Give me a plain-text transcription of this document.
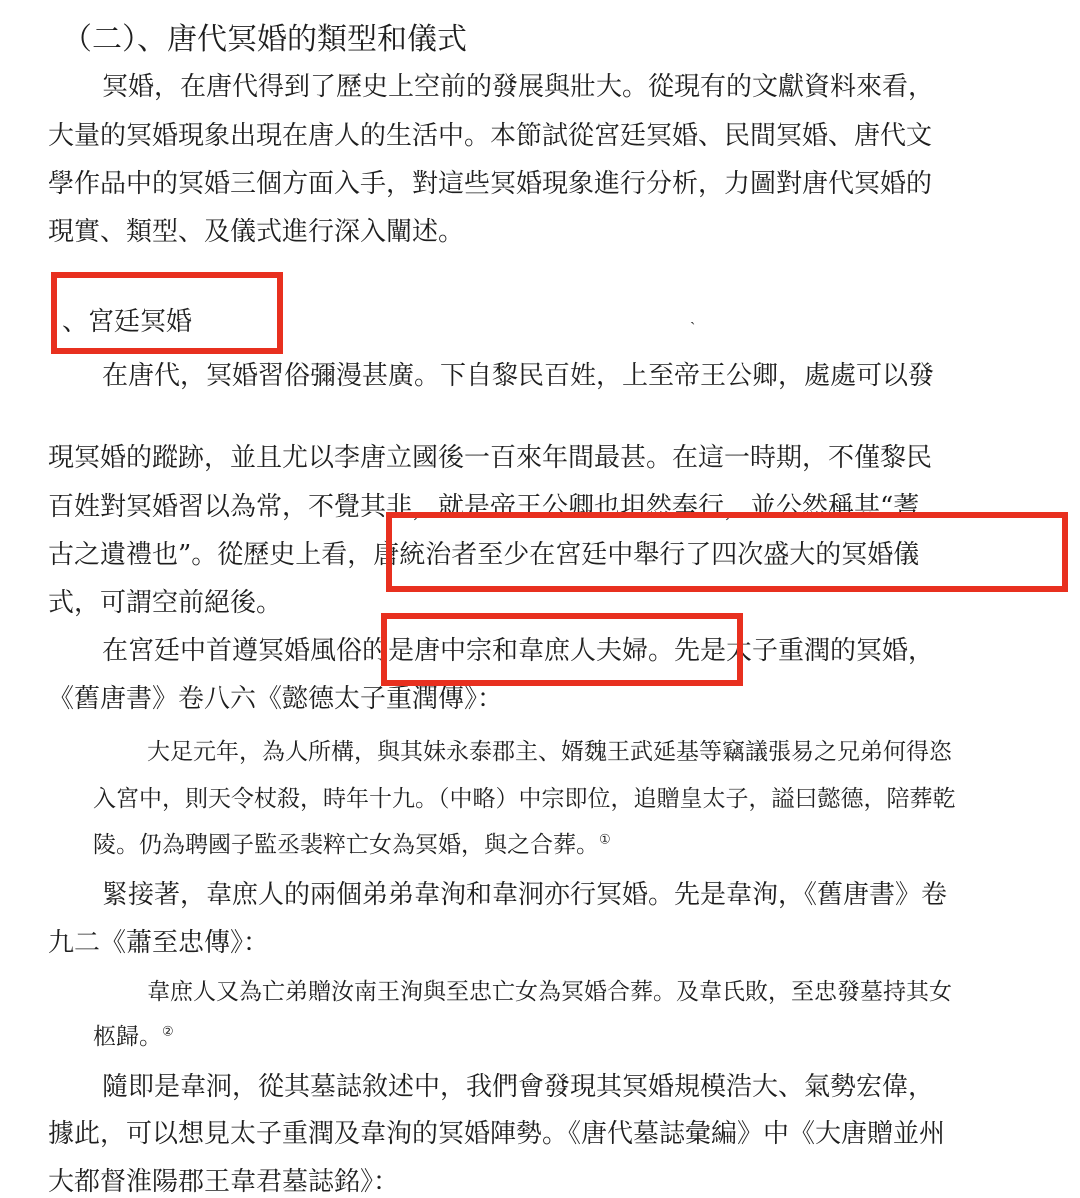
（二）、唐代冥婚的類型和儀式
冥婚，在唐代得到了歷史上空前的發展與壯大。從現有的文獻資料來看，
大量的冥婚現象出現在唐人的生活中。本節試從宮廷冥婚、民間冥婚、唐代文
學作品中的冥婚三個方面入手，對這些冥婚現象進行分析，力圖對唐代冥婚的
現實、類型、及儀式進行深入闡述。
、宮廷冥婚	ˏ
在唐代，冥婚習俗彌漫甚廣。下自黎民百姓，上至帝王公卿，處處可以發
現冥婚的蹤跡，並且尤以李唐立國後一百來年間最甚。在這一時期，不僅黎民
百姓對冥婚習以為常，不覺其非，就是帝王公卿也坦然奉行，並公然稱其“蓍
古之遺禮也”。從歷史上看，唐統治者至少在宮廷中舉行了四次盛大的冥婚儀
式，可謂空前絕後。
在宮廷中首遵冥婚風俗的是唐中宗和韋庶人夫婦。先是太子重潤的冥婚，
《舊唐書》卷八六《懿德太子重潤傳》：
大足元年，為人所構，與其妹永泰郡主、婿魏王武延基等竊議張易之兄弟何得恣
入宮中，則天令杖殺，時年十九。（中略）中宗即位，追贈皇太子，謚曰懿德，陪葬乾
陵。仍為聘國子監丞裴粹亡女為冥婚，與之合葬。①
緊接著，韋庶人的兩個弟弟韋洵和韋泂亦行冥婚。先是韋洵，《舊唐書》卷
九二《蕭至忠傳》：
韋庶人又為亡弟贈汝南王洵與至忠亡女為冥婚合葬。及韋氏敗，至忠發墓持其女
柩歸。②
隨即是韋泂，從其墓誌敘述中，我們會發現其冥婚規模浩大、氣勢宏偉，
據此，可以想見太子重潤及韋洵的冥婚陣勢。《唐代墓誌彙編》中《大唐贈並州
大都督淮陽郡王韋君墓誌銘》：
